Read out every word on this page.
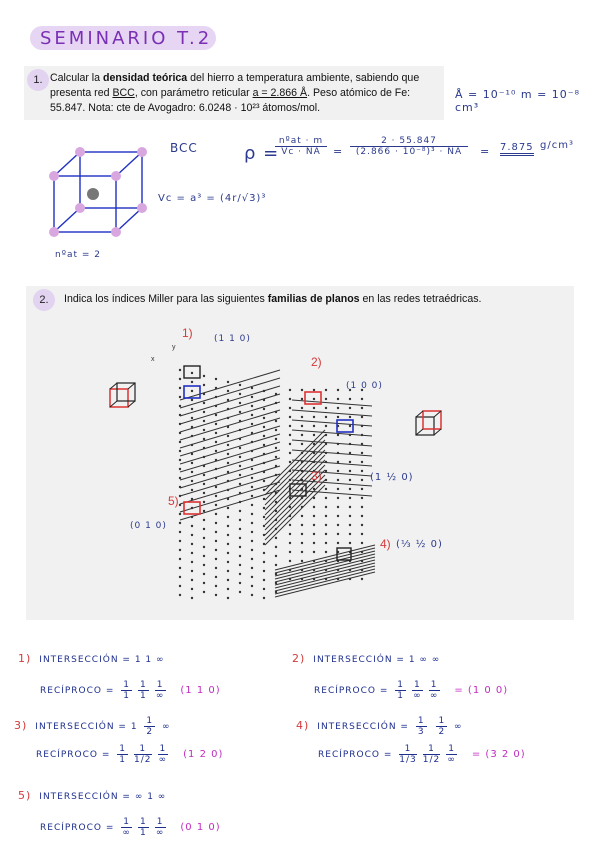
SEMINARIO T.2
1. Calcular la densidad teórica del hierro a temperatura ambiente, sabiendo que
presenta red BCC, con parámetro reticular a = 2.866 Å. Peso atómico de Fe:
55.847. Nota: cte de Avogadro: 6.0248 · 10²³ átomos/mol.
Å = 10⁻¹⁰ m = 10⁻⁸ cm³
BCC
nºat = 2
Vc = a³ = (4r/√3)³
ρ =
nºat · m
Vc · NA	=
2 · 55.847
(2.866 · 10⁻⁸)³ · NA	= 7.875 g/cm³
2.	Indica los índices Miller para las siguientes familias de planos en las redes tetraédricas.
x
y
1) (1 1 0)
2)
(1 0 0)
3)	(1 ½ 0)
4) (⅓ ½ 0)
5)
(0 1 0)
1) INTERSECCIÓN = 1 1 ∞
RECÍPROCO = $\frac{1}{1} \frac{1}{1} \frac{1}{\infty} (1$ 1 0)
2) INTERSECCIÓN = 1 ∞ ∞
RECÍPROCO = $\frac{1}{1} \frac{1}{\infty} \frac{1}{\infty} = (1$ 0 0)
3) INTERSECCIÓN = $1 \frac{1}{2}$ ∞
RECÍPROCO = $\frac{1}{1} \frac{1}{1/2} \frac{1}{\infty} (1$ 2 0)
4) INTERSECCIÓN = $\frac{1}{3}$
$\frac{1}{2}$ ∞
RECÍPROCO = $\frac{1}{1/3} \frac{1}{1/2} \frac{1}{\infty} = (3$ 2 0)
5) INTERSECCIÓN = ∞ 1 ∞
RECÍPROCO = $\frac{1}{\infty} \frac{1}{1} \frac{1}{\infty} (0$ 1 0)
